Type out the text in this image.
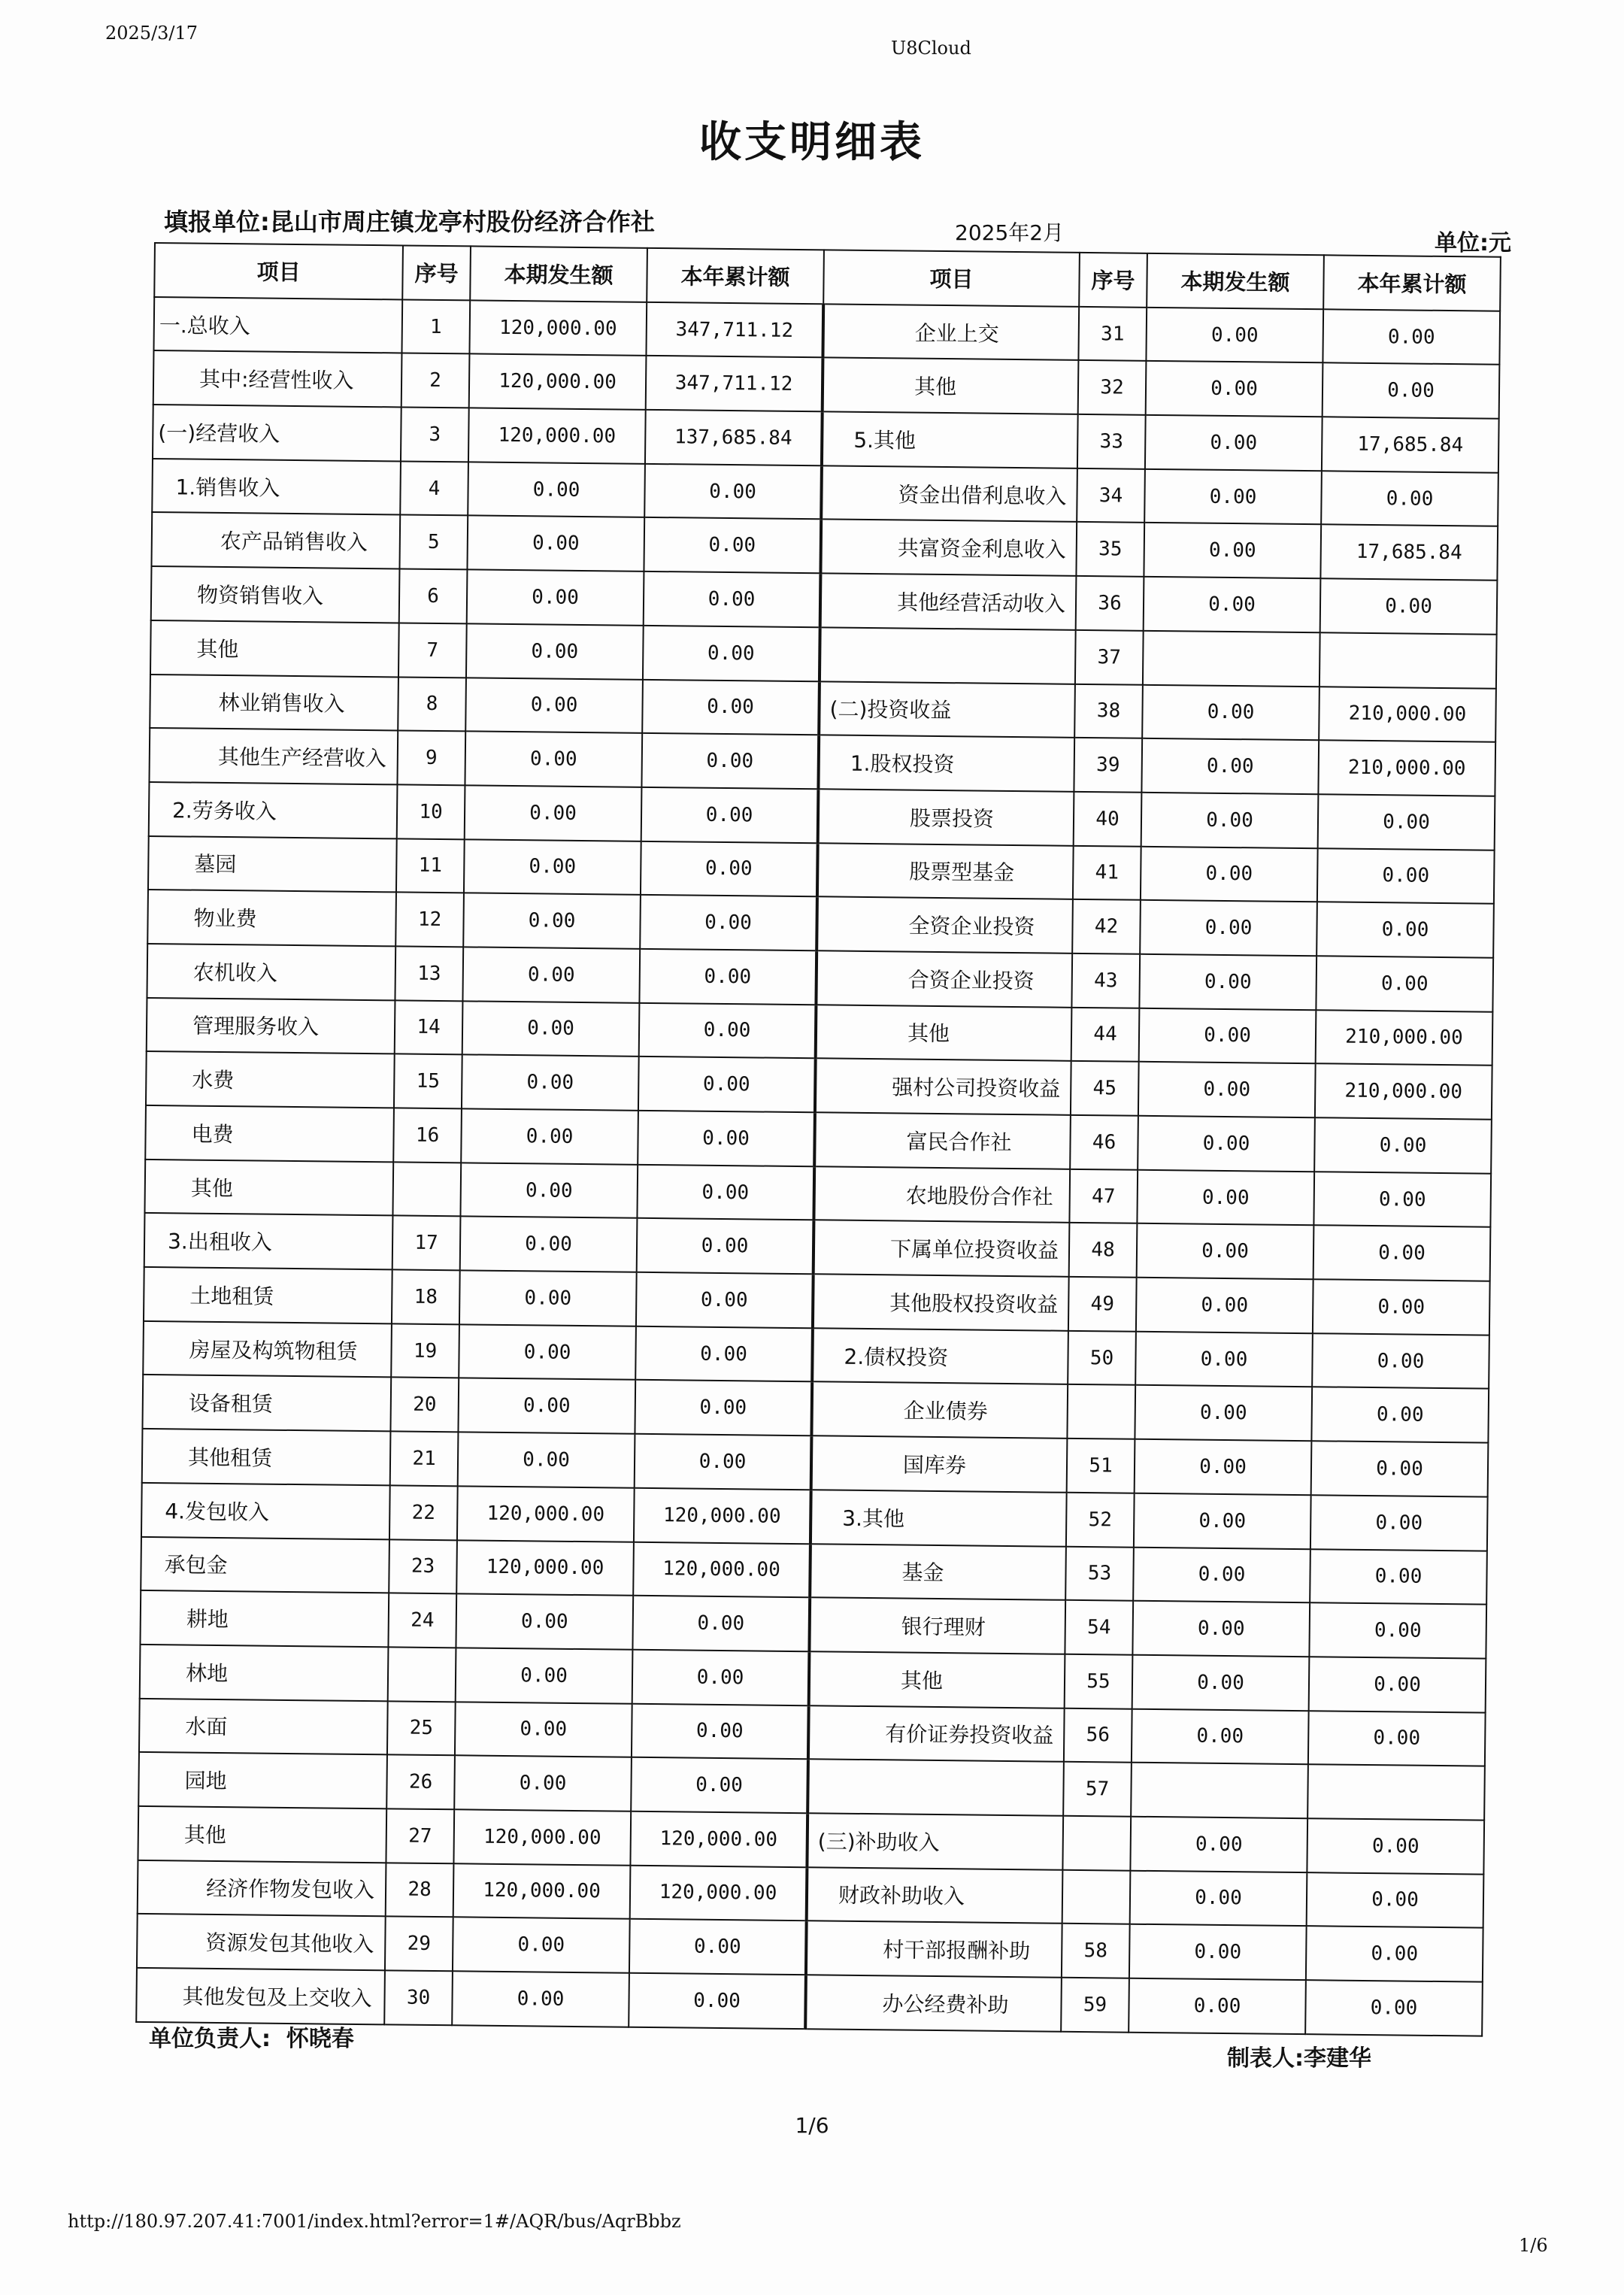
2025/3/17
U8Cloud
收支明细表
填报单位:昆山市周庄镇龙亭村股份经济合作社	2025年2月	单位:元
项目	序号	本期发生额	本年累计额	项目	序号	本期发生额	本年累计额
一.总收入	1	120,000.00	347,711.12	企业上交	31	0.00	0.00
其中:经营性收入	2	120,000.00	347,711.12	其他	32	0.00	0.00
(一)经营收入	3	120,000.00	137,685.84	5.其他	33	0.00	17,685.84
1.销售收入	4	0.00	0.00	资金出借利息收入	34	0.00	0.00
农产品销售收入	5	0.00	0.00	共富资金利息收入	35	0.00	17,685.84
物资销售收入	6	0.00	0.00	其他经营活动收入	36	0.00	0.00
其他	7	0.00	0.00		37		
林业销售收入	8	0.00	0.00	(二)投资收益	38	0.00	210,000.00
其他生产经营收入	9	0.00	0.00	1.股权投资	39	0.00	210,000.00
2.劳务收入	10	0.00	0.00	股票投资	40	0.00	0.00
墓园	11	0.00	0.00	股票型基金	41	0.00	0.00
物业费	12	0.00	0.00	全资企业投资	42	0.00	0.00
农机收入	13	0.00	0.00	合资企业投资	43	0.00	0.00
管理服务收入	14	0.00	0.00	其他	44	0.00	210,000.00
水费	15	0.00	0.00	强村公司投资收益	45	0.00	210,000.00
电费	16	0.00	0.00	富民合作社	46	0.00	0.00
其他		0.00	0.00	农地股份合作社	47	0.00	0.00
3.出租收入	17	0.00	0.00	下属单位投资收益	48	0.00	0.00
土地租赁	18	0.00	0.00	其他股权投资收益	49	0.00	0.00
房屋及构筑物租赁	19	0.00	0.00	2.债权投资	50	0.00	0.00
设备租赁	20	0.00	0.00	企业债券		0.00	0.00
其他租赁	21	0.00	0.00	国库券	51	0.00	0.00
4.发包收入	22	120,000.00	120,000.00	3.其他	52	0.00	0.00
承包金	23	120,000.00	120,000.00	基金	53	0.00	0.00
耕地	24	0.00	0.00	银行理财	54	0.00	0.00
林地		0.00	0.00	其他	55	0.00	0.00
水面	25	0.00	0.00	有价证券投资收益	56	0.00	0.00
园地	26	0.00	0.00		57		
其他	27	120,000.00	120,000.00	(三)补助收入		0.00	0.00
经济作物发包收入	28	120,000.00	120,000.00	财政补助收入		0.00	0.00
资源发包其他收入	29	0.00	0.00	村干部报酬补助	58	0.00	0.00
其他发包及上交收入	30	0.00	0.00	办公经费补助	59	0.00	0.00
单位负责人: 怀晓春
制表人:李建华
1/6
http://180.97.207.41:7001/index.html?error=1#/AQR/bus/AqrBbbz
1/6
